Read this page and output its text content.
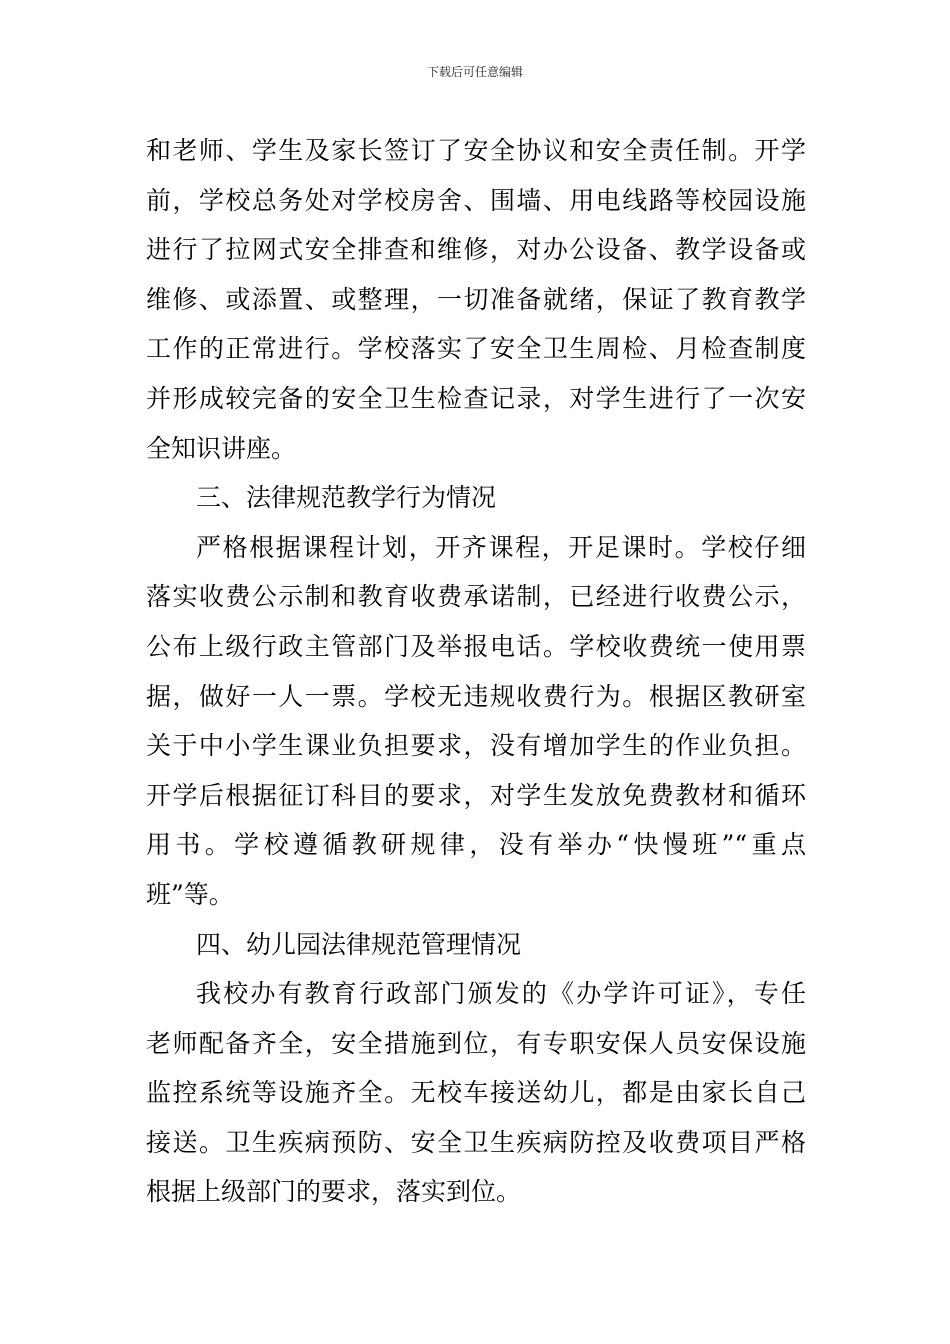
下载后可任意编辑
和老师、学生及家长签订了安全协议和安全责任制。开学
前，学校总务处对学校房舍、围墙、用电线路等校园设施
进行了拉网式安全排查和维修，对办公设备、教学设备或
维修、或添置、或整理，一切准备就绪，保证了教育教学
工作的正常进行。学校落实了安全卫生周检、月检查制度
并形成较完备的安全卫生检查记录，对学生进行了一次安
全知识讲座。
三、法律规范教学行为情况
严格根据课程计划，开齐课程，开足课时。学校仔细
落实收费公示制和教育收费承诺制，已经进行收费公示，
公布上级行政主管部门及举报电话。学校收费统一使用票
据，做好一人一票。学校无违规收费行为。根据区教研室
关于中小学生课业负担要求，没有增加学生的作业负担。
开学后根据征订科目的要求，对学生发放免费教材和循环
用书。学校遵循教研规律，没有举办“快慢班”“重点
班”等。
四、幼儿园法律规范管理情况
我校办有教育行政部门颁发的《办学许可证》，专任
老师配备齐全，安全措施到位，有专职安保人员安保设施
监控系统等设施齐全。无校车接送幼儿，都是由家长自己
接送。卫生疾病预防、安全卫生疾病防控及收费项目严格
根据上级部门的要求，落实到位。
